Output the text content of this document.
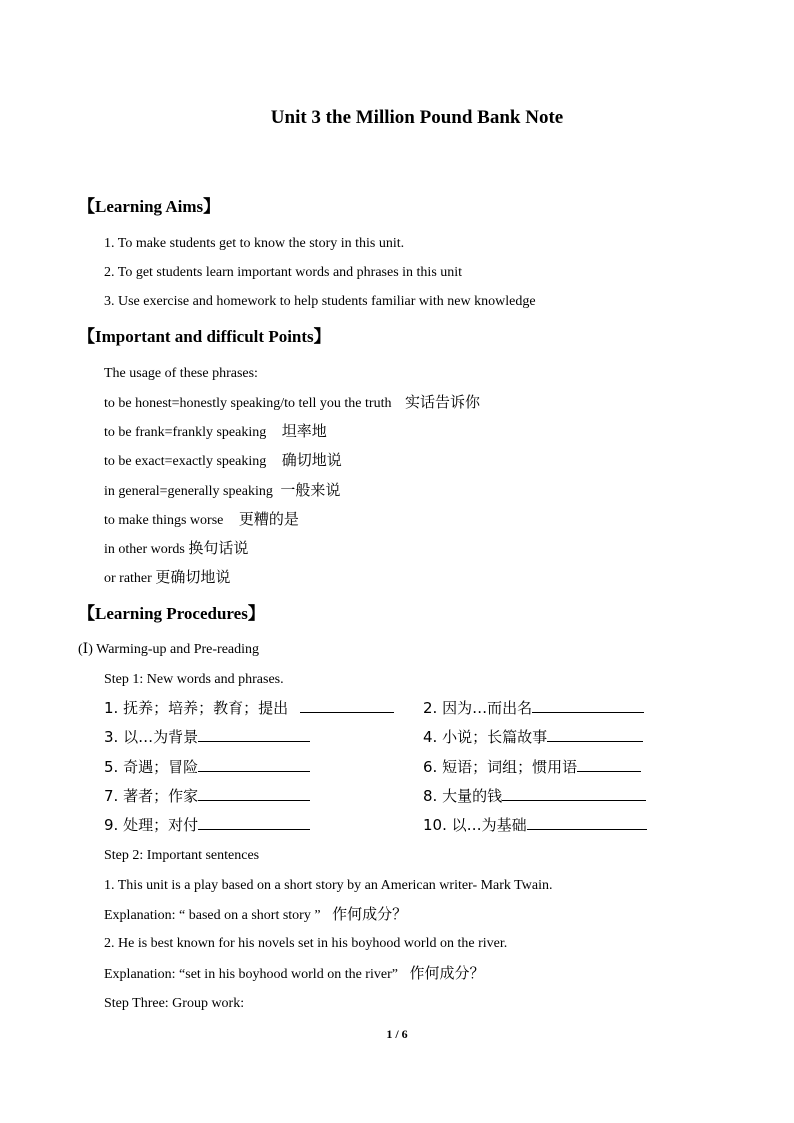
Unit 3 the Million Pound Bank Note
【Learning Aims】
1. To make students get to know the story in this unit.
2. To get students learn important words and phrases in this unit
3. Use exercise and homework to help students familiar with new knowledge
【Important and difficult Points】
The usage of these phrases:
to be honest=honestly speaking/to tell you the truth 实话告诉你
to be frank=frankly speaking 坦率地
to be exact=exactly speaking 确切地说
in general=generally speaking 一般来说
to make things worse 更糟的是
in other words 换句话说
or rather 更确切地说
【Learning Procedures】
(Ⅰ) Warming-up and Pre-reading
Step 1: New words and phrases.
1. 抚养；培养；教育；提出	2. 因为…而出名
3. 以…为背景	4. 小说；长篇故事
5. 奇遇；冒险	6. 短语；词组；惯用语
7. 著者；作家	8. 大量的钱
9. 处理；对付	10. 以…为基础
Step 2: Important sentences
1. This unit is a play based on a short story by an American writer- Mark Twain.
Explanation: “ based on a short story ” 作何成分？
2. He is best known for his novels set in his boyhood world on the river.
Explanation: “set in his boyhood world on the river” 作何成分？
Step Three: Group work:
1 / 6
